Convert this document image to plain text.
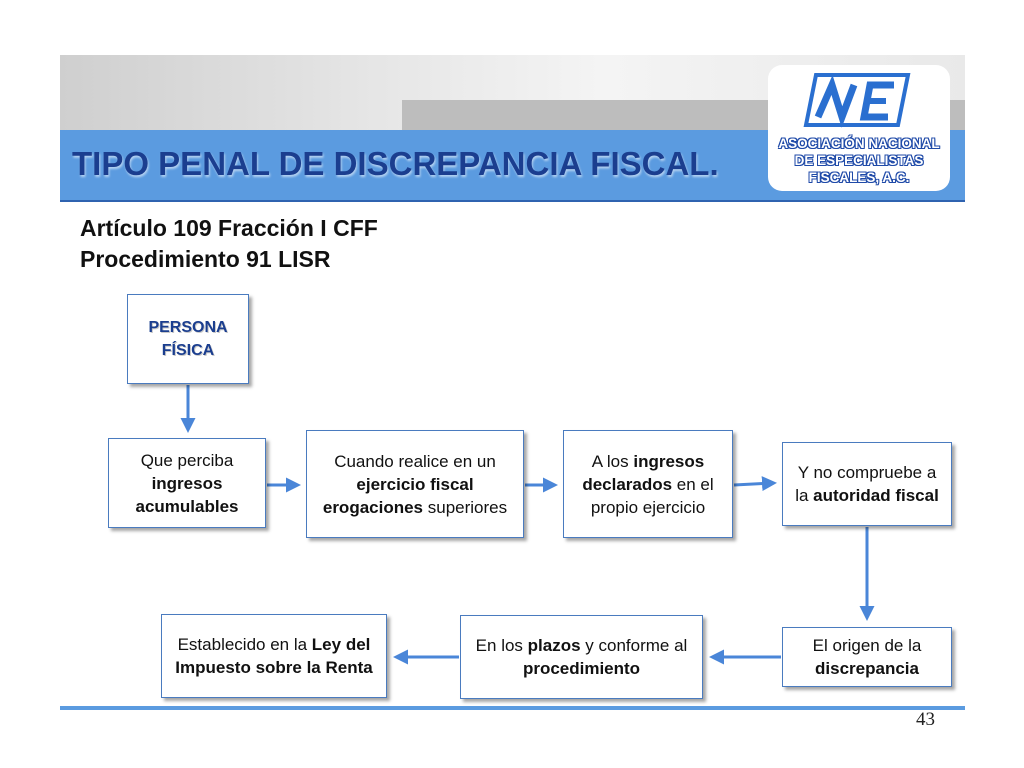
TIPO PENAL DE DISCREPANCIA FISCAL.
ASOCIACIÓN NACIONAL
DE ESPECIALISTAS
FISCALES, A.C.
Artículo 109 Fracción I CFF
Procedimiento 91 LISR
PERSONA
FÍSICA
Que perciba ingresos acumulables
Cuando realice en un ejercicio fiscal erogaciones superiores
A los ingresos declarados en el propio ejercicio
Y no compruebe a la autoridad fiscal
El origen de la discrepancia
En los plazos y conforme al procedimiento
Establecido en la Ley del Impuesto sobre la Renta
43
